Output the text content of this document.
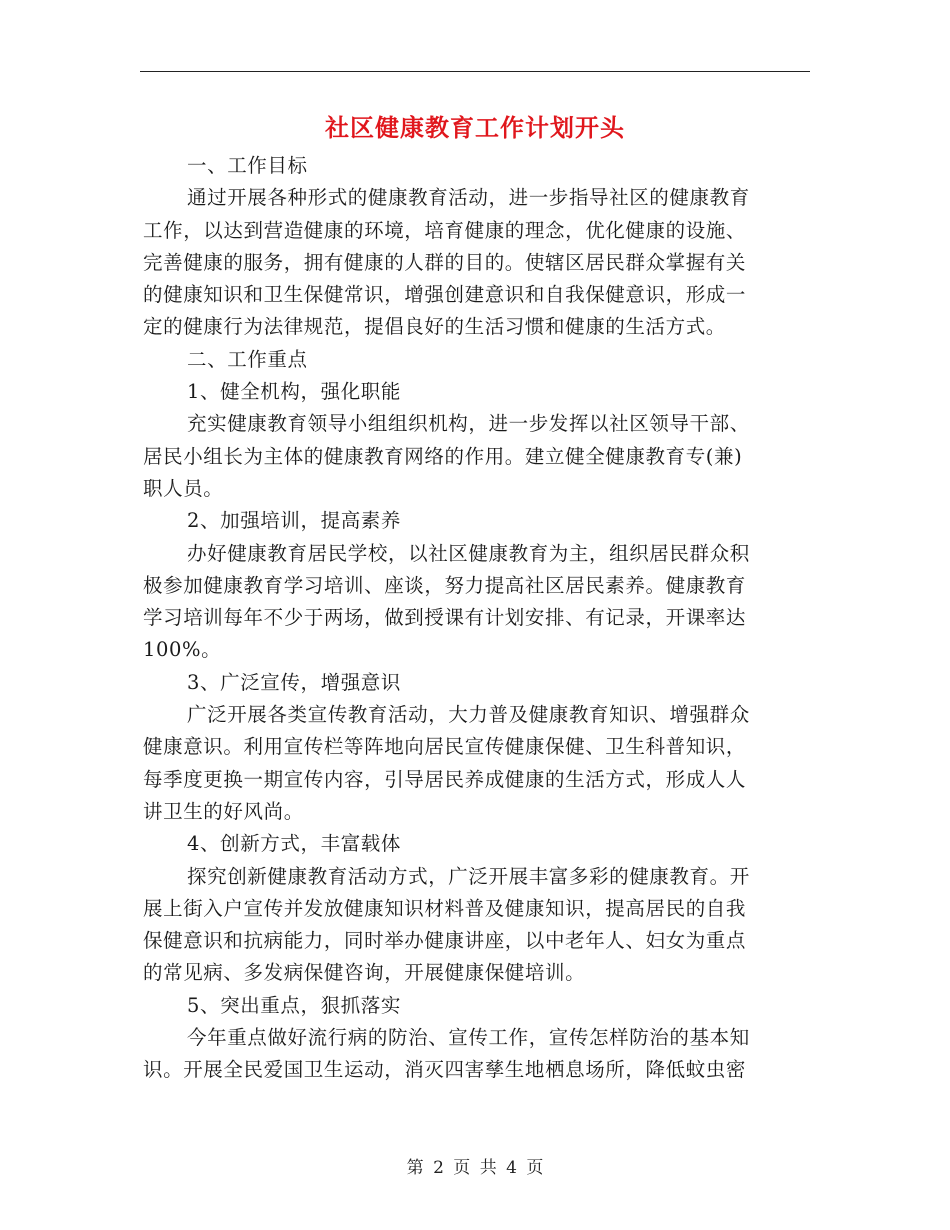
社区健康教育工作计划开头
一、工作目标
通过开展各种形式的健康教育活动，进一步指导社区的健康教育
工作，以达到营造健康的环境，培育健康的理念，优化健康的设施、
完善健康的服务，拥有健康的人群的目的。使辖区居民群众掌握有关
的健康知识和卫生保健常识，增强创建意识和自我保健意识，形成一
定的健康行为法律规范，提倡良好的生活习惯和健康的生活方式。
二、工作重点
1、健全机构，强化职能
充实健康教育领导小组组织机构，进一步发挥以社区领导干部、
居民小组长为主体的健康教育网络的作用。建立健全健康教育专(兼)
职人员。
2、加强培训，提高素养
办好健康教育居民学校，以社区健康教育为主，组织居民群众积
极参加健康教育学习培训、座谈，努力提高社区居民素养。健康教育
学习培训每年不少于两场，做到授课有计划安排、有记录，开课率达
100%。
3、广泛宣传，增强意识
广泛开展各类宣传教育活动，大力普及健康教育知识、增强群众
健康意识。利用宣传栏等阵地向居民宣传健康保健、卫生科普知识，
每季度更换一期宣传内容，引导居民养成健康的生活方式，形成人人
讲卫生的好风尚。
4、创新方式，丰富载体
探究创新健康教育活动方式，广泛开展丰富多彩的健康教育。开
展上街入户宣传并发放健康知识材料普及健康知识，提高居民的自我
保健意识和抗病能力，同时举办健康讲座，以中老年人、妇女为重点
的常见病、多发病保健咨询，开展健康保健培训。
5、突出重点，狠抓落实
今年重点做好流行病的防治、宣传工作，宣传怎样防治的基本知
识。开展全民爱国卫生运动，消灭四害孳生地栖息场所，降低蚊虫密
第 2 页 共 4 页
